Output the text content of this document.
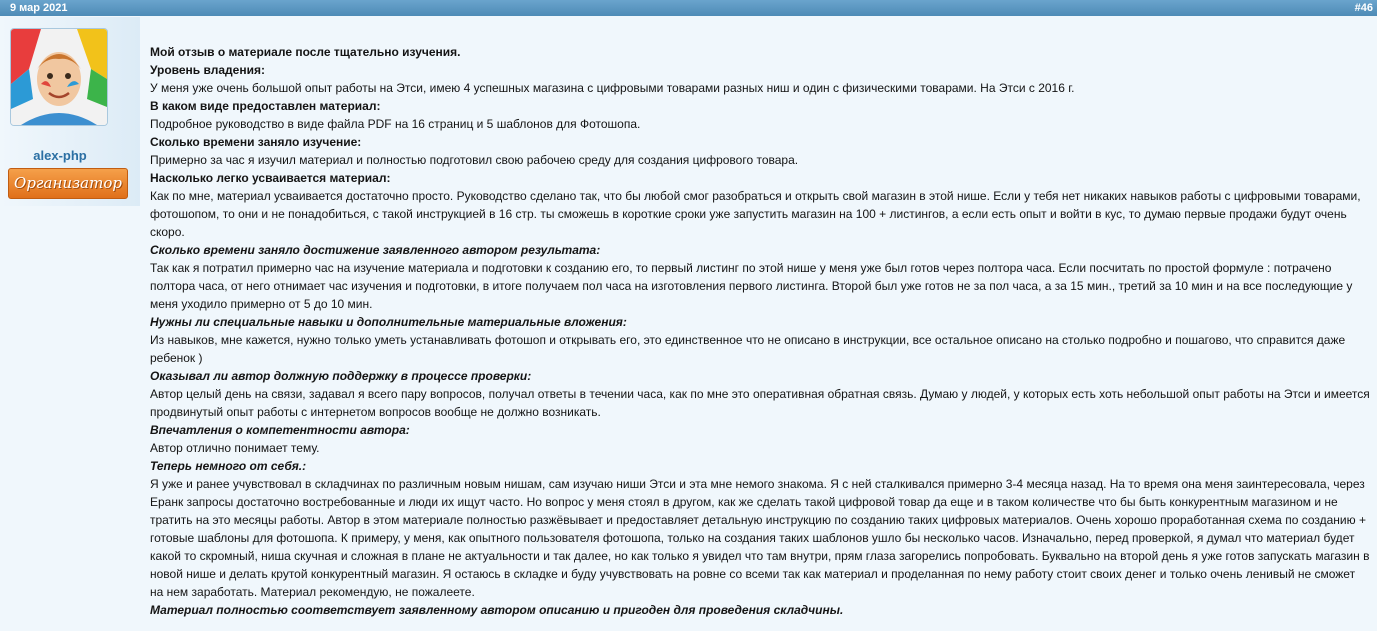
9 мар 2021	#46
alex-php
Организатор

Мой отзыв о материале после тщательно изучения.

Уровень владения:

У меня уже очень большой опыт работы на Этси, имею 4 успешных магазина с цифровыми товарами разных ниш и один с физическими товарами. На Этси с 2016 г.

В каком виде предоставлен материал:

Подробное руководство в виде файла PDF на 16 страниц и 5 шаблонов для Фотошопа.

Сколько времени заняло изучение:

Примерно за час я изучил материал и полностью подготовил свою рабочею среду для создания цифрового товара.

Насколько легко усваивается материал:

Как по мне, материал усваивается достаточно просто. Руководство сделано так, что бы любой смог разобраться и открыть свой магазин в этой нише. Если у тебя нет никаких навыков работы с цифровыми товарами, фотошопом, то они и не понадобиться, с такой инструкцией в 16 стр. ты сможешь в короткие сроки уже запустить магазин на 100 + листингов, а если есть опыт и войти в кус, то думаю первые продажи будут очень скоро.

Сколько времени заняло достижение заявленного автором результата:

Так как я потратил примерно час на изучение материала и подготовки к созданию его, то первый листинг по этой нише у меня уже был готов через полтора часа. Если посчитать по простой формуле : потрачено полтора часа, от него отнимает час изучения и подготовки, в итоге получаем пол часа на изготовления первого листинга. Второй был уже готов не за пол часа, а за 15 мин., третий за 10 мин и на все последующие у меня уходило примерно от 5 до 10 мин.

Нужны ли специальные навыки и дополнительные материальные вложения:

Из навыков, мне кажется, нужно только уметь устанавливать фотошоп и открывать его, это единственное что не описано в инструкции, все остальное описано на столько подробно и пошагово, что справится даже ребенок )

Оказывал ли автор должную поддержку в процессе проверки:

Автор целый день на связи, задавал я всего пару вопросов, получал ответы в течении часа, как по мне это оперативная обратная связь. Думаю у людей, у которых есть хоть небольшой опыт работы на Этси и имеется продвинутый опыт работы с интернетом вопросов вообще не должно возникать.

Впечатления о компетентности автора:

Автор отлично понимает тему.

Теперь немного от себя.:

Я уже и ранее учувствовал в складчинах по различным новым нишам, сам изучаю ниши Этси и эта мне немого знакома. Я с ней сталкивался примерно 3-4 месяца назад. На то время она меня заинтересовала, через Еранк запросы достаточно востребованные и люди их ищут часто. Но вопрос у меня стоял в другом, как же сделать такой цифровой товар да еще и в таком количестве что бы быть конкурентным магазином и не тратить на это месяцы работы. Автор в этом материале полностью разжёвывает и предоставляет детальную инструкцию по созданию таких цифровых материалов. Очень хорошо проработанная схема по созданию + готовые шаблоны для фотошопа. К примеру, у меня, как опытного пользователя фотошопа, только на создания таких шаблонов ушло бы несколько часов. Изначально, перед проверкой, я думал что материал будет какой то скромный, ниша скучная и сложная в плане не актуальности и так далее, но как только я увидел что там внутри, прям глаза загорелись попробовать. Буквально на второй день я уже готов запускать магазин в новой нише и делать крутой конкурентный магазин. Я остаюсь в складке и буду учувствовать на ровне со всеми так как материал и проделанная по нему работу стоит своих денег и только очень ленивый не сможет на нем заработать. Материал рекомендую, не пожалеете.

Материал полностью соответствует заявленному автором описанию и пригоден для проведения складчины.
